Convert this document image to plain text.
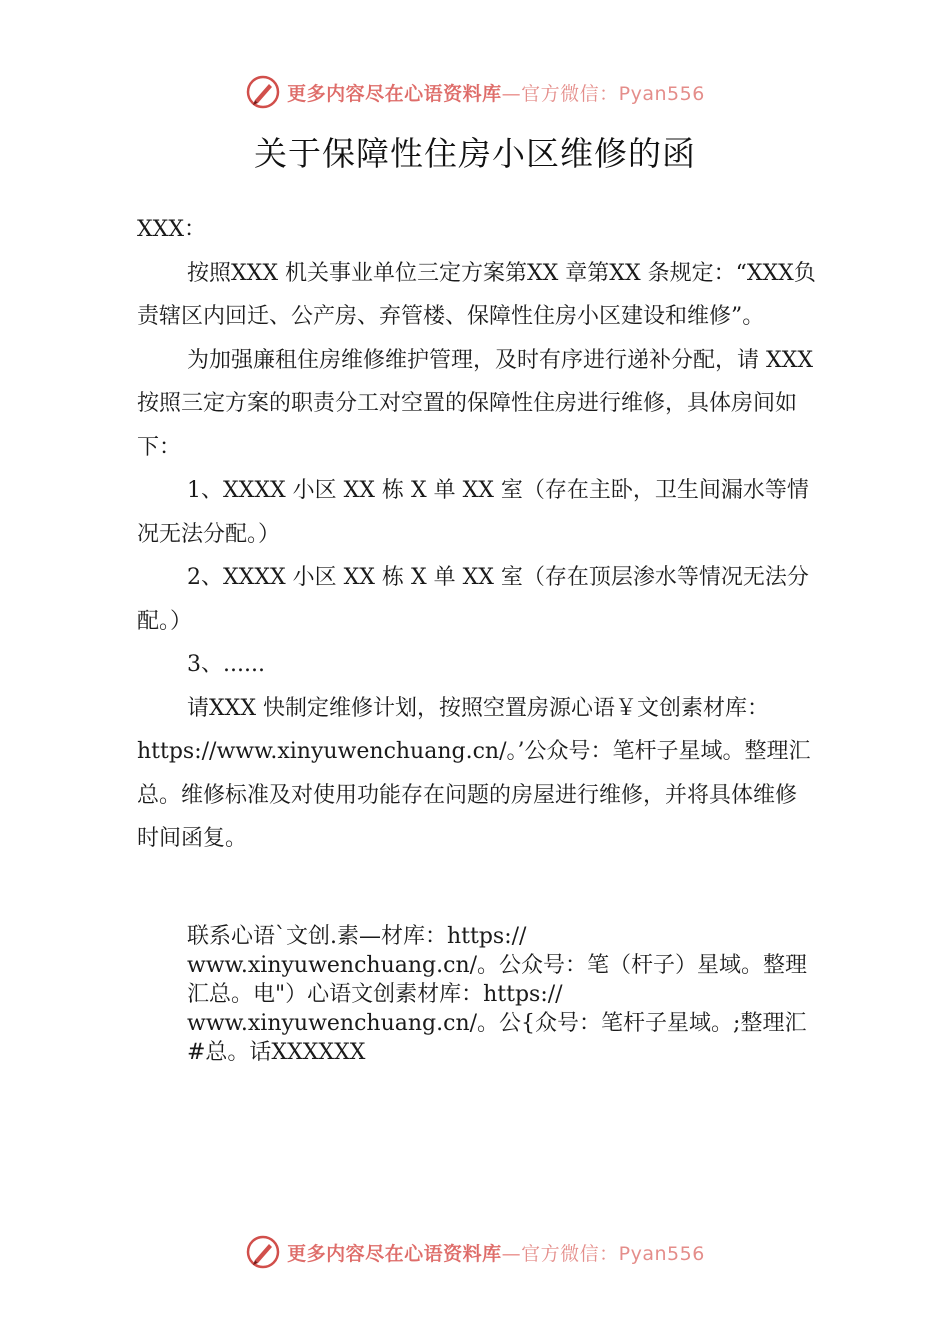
更多内容尽在心语资料库—官方微信：Pyan556
关于保障性住房小区维修的函

XXX：

按照XXX 机关事业单位三定方案第XX 章第XX 条规定：“XXX负责辖区内回迁、公产房、弃管楼、保障性住房小区建设和维修”。

为加强廉租住房维修维护管理，及时有序进行递补分配，请 XXX 按照三定方案的职责分工对空置的保障性住房进行维修，具体房间如下：

1、XXXX 小区 XX 栋 X 单 XX 室（存在主卧，卫生间漏水等情况无法分配。）

2、XXXX 小区 XX 栋 X 单 XX 室（存在顶层渗水等情况无法分配。）

3、......

请XXX 快制定维修计划，按照空置房源心语￥文创素材库：https://www.xinyuwenchuang.cn/。’公众号：笔杆子星域。整理汇总。维修标准及对使用功能存在问题的房屋进行维修，并将具体维修时间函复。

联系心语`文创.素—材库：https://

www.xinyuwenchuang.cn/。公众号：笔（杆子）星域。整理

汇总。电"）心语文创素材库：https://

www.xinyuwenchuang.cn/。公{众号：笔杆子星域。;整理汇

#总。话XXXXXX

更多内容尽在心语资料库—官方微信：Pyan556
